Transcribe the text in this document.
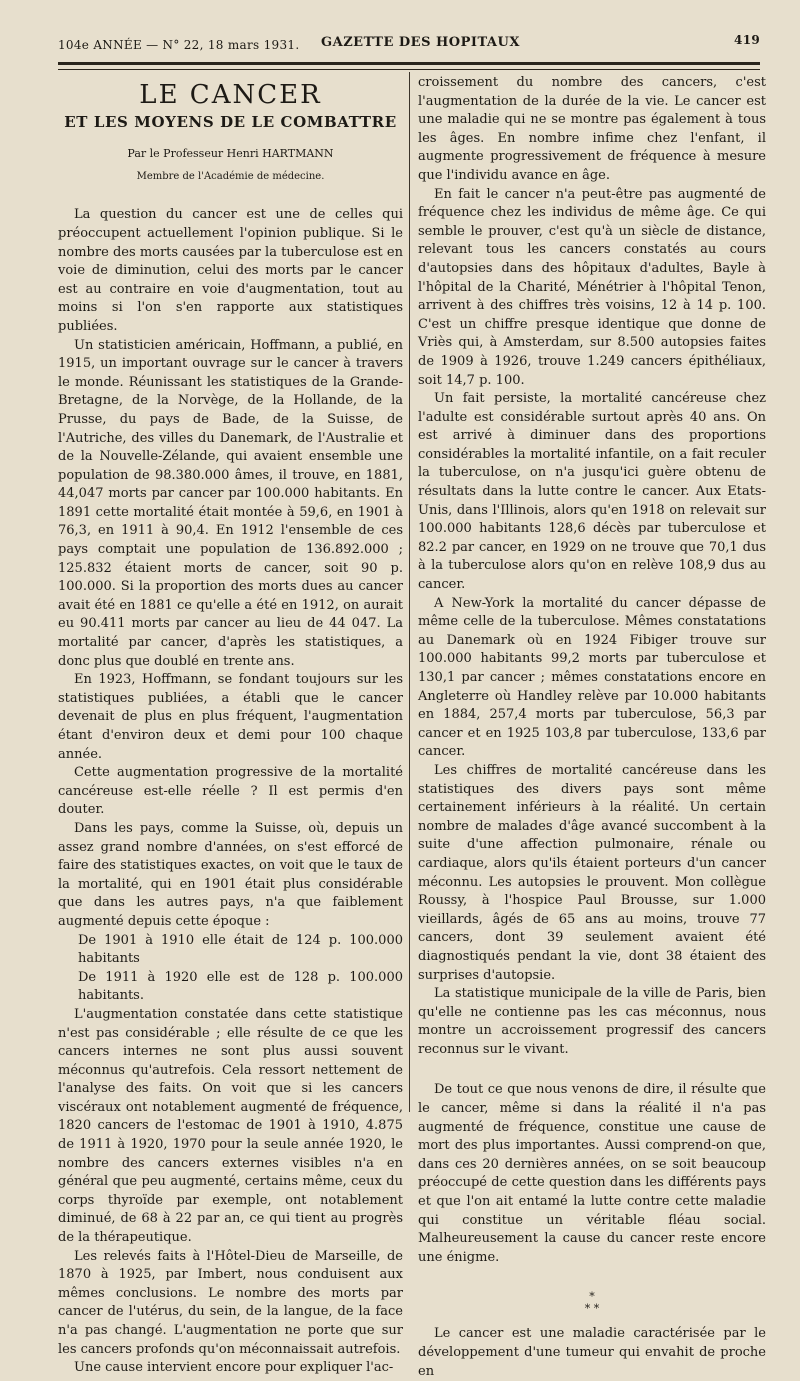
104e ANNÉE — N° 22, 18 mars 1931. GAZETTE DES HOPITAUX	419
LE CANCER
ET LES MOYENS DE LE COMBATTRE
Par le Professeur Henri HARTMANN
Membre de l'Académie de médecine.

La question du cancer est une de celles qui préoccupent actuellement l'opinion publique. Si le nombre des morts causées par la tuberculose est en voie de diminution, celui des morts par le cancer est au contraire en voie d'augmentation, tout au moins si l'on s'en rapporte aux statistiques publiées.

Un statisticien américain, Hoffmann, a publié, en 1915, un important ouvrage sur le cancer à travers le monde. Réunissant les statistiques de la Grande-Bretagne, de la Norvège, de la Hollande, de la Prusse, du pays de Bade, de la Suisse, de l'Autriche, des villes du Danemark, de l'Australie et de la Nouvelle-Zélande, qui avaient ensemble une population de 98.380.000 âmes, il trouve, en 1881, 44,047 morts par cancer par 100.000 habitants. En 1891 cette mortalité était montée à 59,6, en 1901 à 76,3, en 1911 à 90,4. En 1912 l'ensemble de ces pays comptait une population de 136.892.000 ; 125.832 étaient morts de cancer, soit 90 p. 100.000. Si la proportion des morts dues au cancer avait été en 1881 ce qu'elle a été en 1912, on aurait eu 90.411 morts par cancer au lieu de 44 047. La mortalité par cancer, d'après les statistiques, a donc plus que doublé en trente ans.

En 1923, Hoffmann, se fondant toujours sur les statistiques publiées, a établi que le cancer devenait de plus en plus fréquent, l'augmentation étant d'environ deux et demi pour 100 chaque année.

Cette augmentation progressive de la mortalité cancéreuse est-elle réelle ? Il est permis d'en douter.

Dans les pays, comme la Suisse, où, depuis un assez grand nombre d'années, on s'est efforcé de faire des statistiques exactes, on voit que le taux de la mortalité, qui en 1901 était plus considérable que dans les autres pays, n'a que faiblement augmenté depuis cette époque :

De 1901 à 1910 elle était de 124 p. 100.000 habitants

De 1911 à 1920 elle est de 128 p. 100.000 habitants.

L'augmentation constatée dans cette statistique n'est pas considérable ; elle résulte de ce que les cancers internes ne sont plus aussi souvent méconnus qu'autrefois. Cela ressort nettement de l'analyse des faits. On voit que si les cancers viscéraux ont notablement augmenté de fréquence, 1820 cancers de l'estomac de 1901 à 1910, 4.875 de 1911 à 1920, 1970 pour la seule année 1920, le nombre des cancers externes visibles n'a en général que peu augmenté, certains même, ceux du corps thyroïde par exemple, ont notablement diminué, de 68 à 22 par an, ce qui tient au progrès de la thérapeutique.

Les relevés faits à l'Hôtel-Dieu de Marseille, de 1870 à 1925, par Imbert, nous conduisent aux mêmes conclusions. Le nombre des morts par cancer de l'utérus, du sein, de la langue, de la face n'a pas changé. L'augmentation ne porte que sur les cancers profonds qu'on méconnaissait autrefois.

Une cause intervient encore pour expliquer l'ac-

croissement du nombre des cancers, c'est l'augmentation de la durée de la vie. Le cancer est une maladie qui ne se montre pas également à tous les âges. En nombre infime chez l'enfant, il augmente progressivement de fréquence à mesure que l'individu avance en âge.

En fait le cancer n'a peut-être pas augmenté de fréquence chez les individus de même âge. Ce qui semble le prouver, c'est qu'à un siècle de distance, relevant tous les cancers constatés au cours d'autopsies dans des hôpitaux d'adultes, Bayle à l'hôpital de la Charité, Ménétrier à l'hôpital Tenon, arrivent à des chiffres très voisins, 12 à 14 p. 100. C'est un chiffre presque identique que donne de Vriès qui, à Amsterdam, sur 8.500 autopsies faites de 1909 à 1926, trouve 1.249 cancers épithéliaux, soit 14,7 p. 100.

Un fait persiste, la mortalité cancéreuse chez l'adulte est considérable surtout après 40 ans. On est arrivé à diminuer dans des proportions considérables la mortalité infantile, on a fait reculer la tuberculose, on n'a jusqu'ici guère obtenu de résultats dans la lutte contre le cancer. Aux Etats-Unis, dans l'Illinois, alors qu'en 1918 on relevait sur 100.000 habitants 128,6 décès par tuberculose et 82.2 par cancer, en 1929 on ne trouve que 70,1 dus à la tuberculose alors qu'on en relève 108,9 dus au cancer.

A New-York la mortalité du cancer dépasse de même celle de la tuberculose. Mêmes constatations au Danemark où en 1924 Fibiger trouve sur 100.000 habitants 99,2 morts par tuberculose et 130,1 par cancer ; mêmes constatations encore en Angleterre où Handley relève par 10.000 habitants en 1884, 257,4 morts par tuberculose, 56,3 par cancer et en 1925 103,8 par tuberculose, 133,6 par cancer.

Les chiffres de mortalité cancéreuse dans les statistiques des divers pays sont même certainement inférieurs à la réalité. Un certain nombre de malades d'âge avancé succombent à la suite d'une affection pulmonaire, rénale ou cardiaque, alors qu'ils étaient porteurs d'un cancer méconnu. Les autopsies le prouvent. Mon collègue Roussy, à l'hospice Paul Brousse, sur 1.000 vieillards, âgés de 65 ans au moins, trouve 77 cancers, dont 39 seulement avaient été diagnostiqués pendant la vie, dont 38 étaient des surprises d'autopsie.

La statistique municipale de la ville de Paris, bien qu'elle ne contienne pas les cas méconnus, nous montre un accroissement progressif des cancers reconnus sur le vivant.

De tout ce que nous venons de dire, il résulte que le cancer, même si dans la réalité il n'a pas augmenté de fréquence, constitue une cause de mort des plus importantes. Aussi comprend-on que, dans ces 20 dernières années, on se soit beaucoup préoccupé de cette question dans les différents pays et que l'on ait entamé la lutte contre cette maladie qui constitue un véritable fléau social. Malheureusement la cause du cancer reste encore une énigme.

*
* *

Le cancer est une maladie caractérisée par le développement d'une tumeur qui envahit de proche en
